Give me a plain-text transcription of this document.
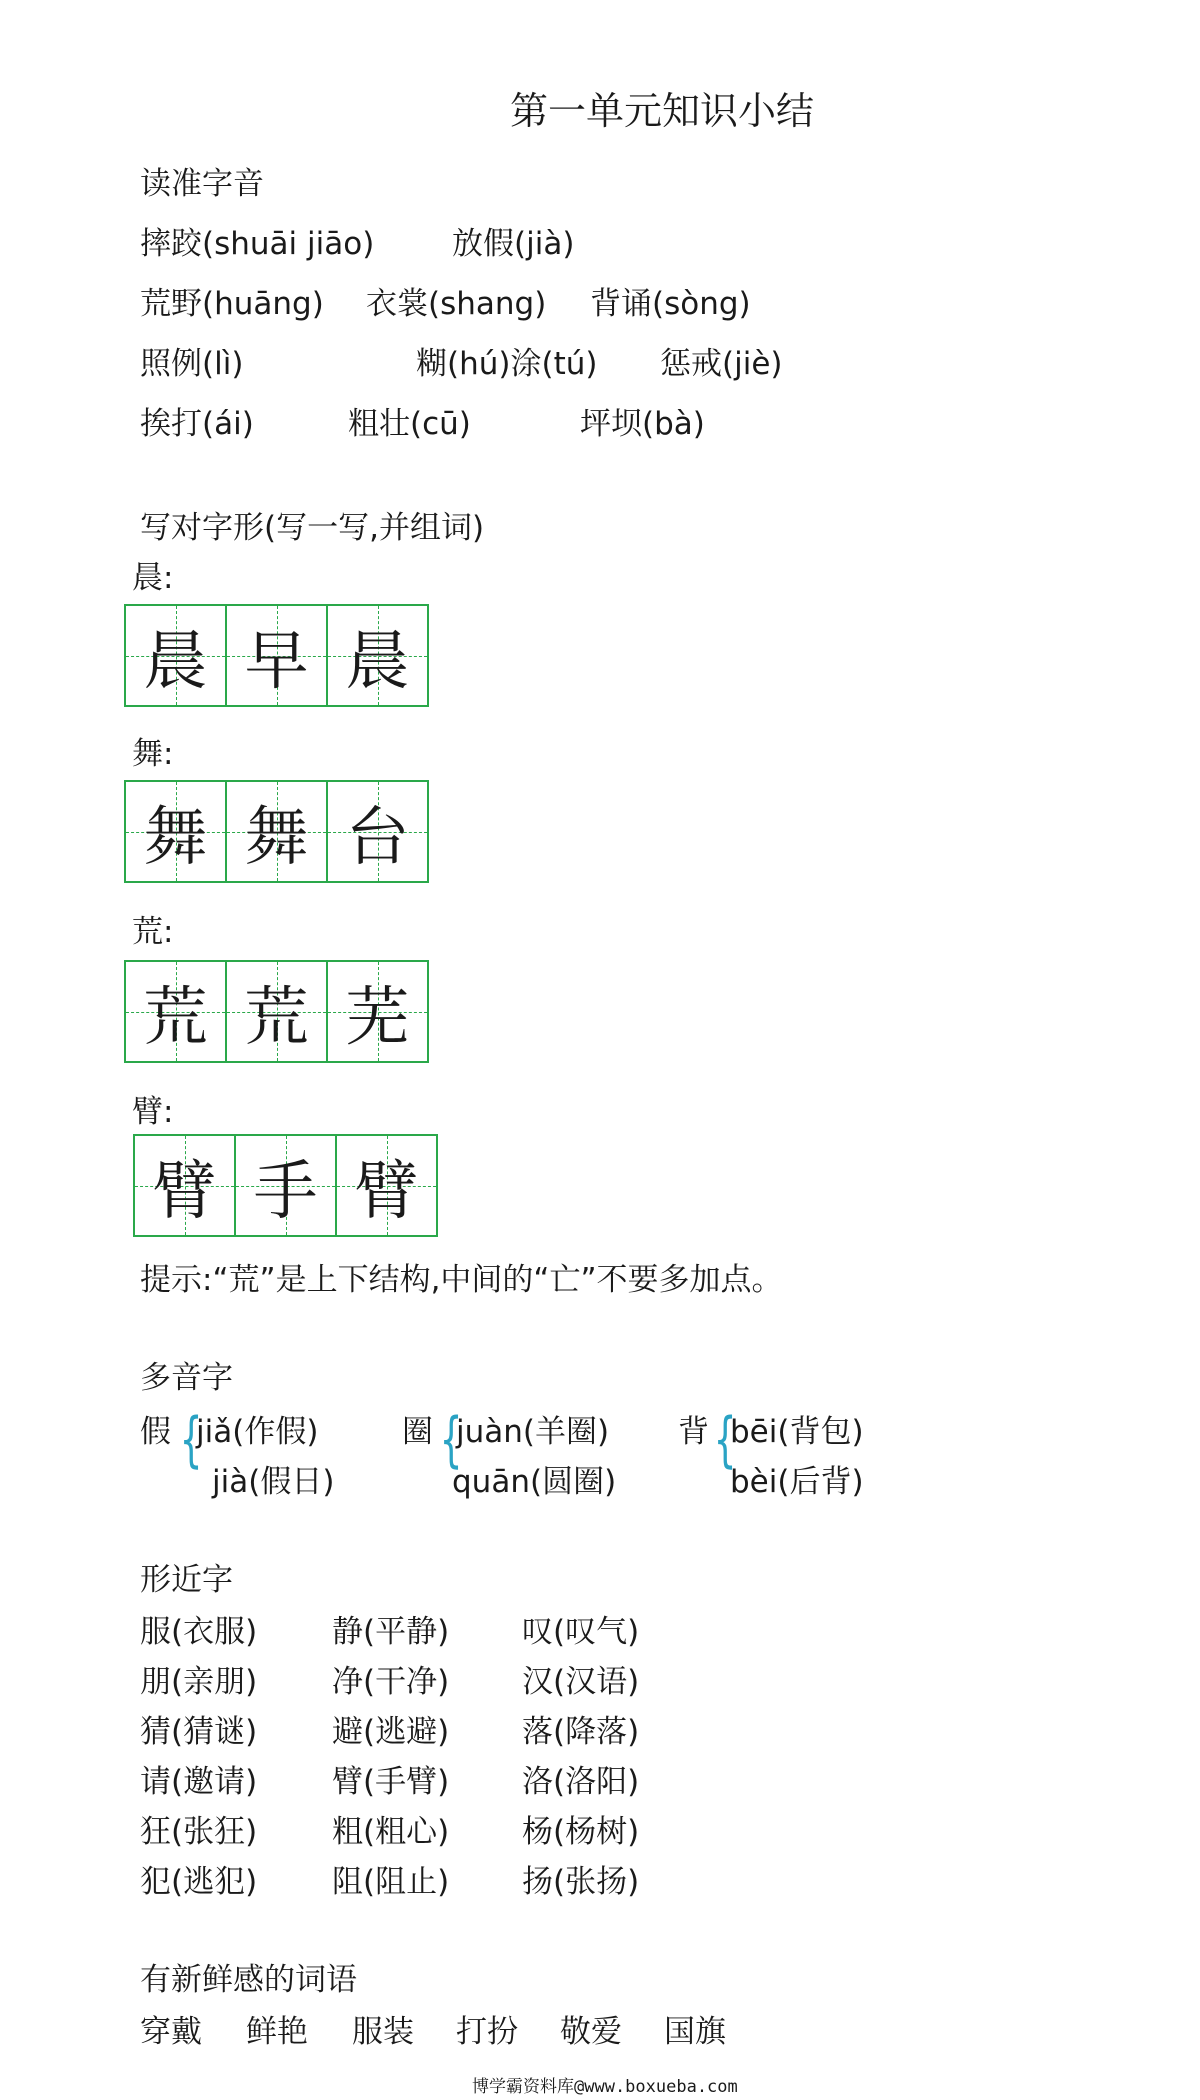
第一单元知识小结
读准字音
摔跤(shuāi jiāo)	放假(jià)
荒野(huāng) 衣裳(shang) 背诵(sòng)
照例(lì)	糊(hú)涂(tú) 惩戒(jiè)
挨打(ái)	粗壮(cū)	坪坝(bà)
写对字形(写一写,并组词)
晨:
晨 早 晨
舞:
舞 舞 台
荒:
荒 荒 芜
臂:
臂 手 臂
提示:“荒”是上下结构,中间的“亡”不要多加点。
多音字
假 {
jiǎ(作假)
jià(假日)
圈 {
juàn(羊圈)
quān(圆圈)
背 {
bēi(背包)
bèi(后背)
形近字
服(衣服) 静(平静) 叹(叹气)
朋(亲朋) 净(干净) 汉(汉语)
猜(猜谜) 避(逃避) 落(降落)
请(邀请) 臂(手臂) 洛(洛阳)
狂(张狂) 粗(粗心) 杨(杨树)
犯(逃犯) 阻(阻止) 扬(张扬)
有新鲜感的词语
穿戴 鲜艳 服装 打扮 敬爱 国旗
博学霸资料库@www.boxueba.com
